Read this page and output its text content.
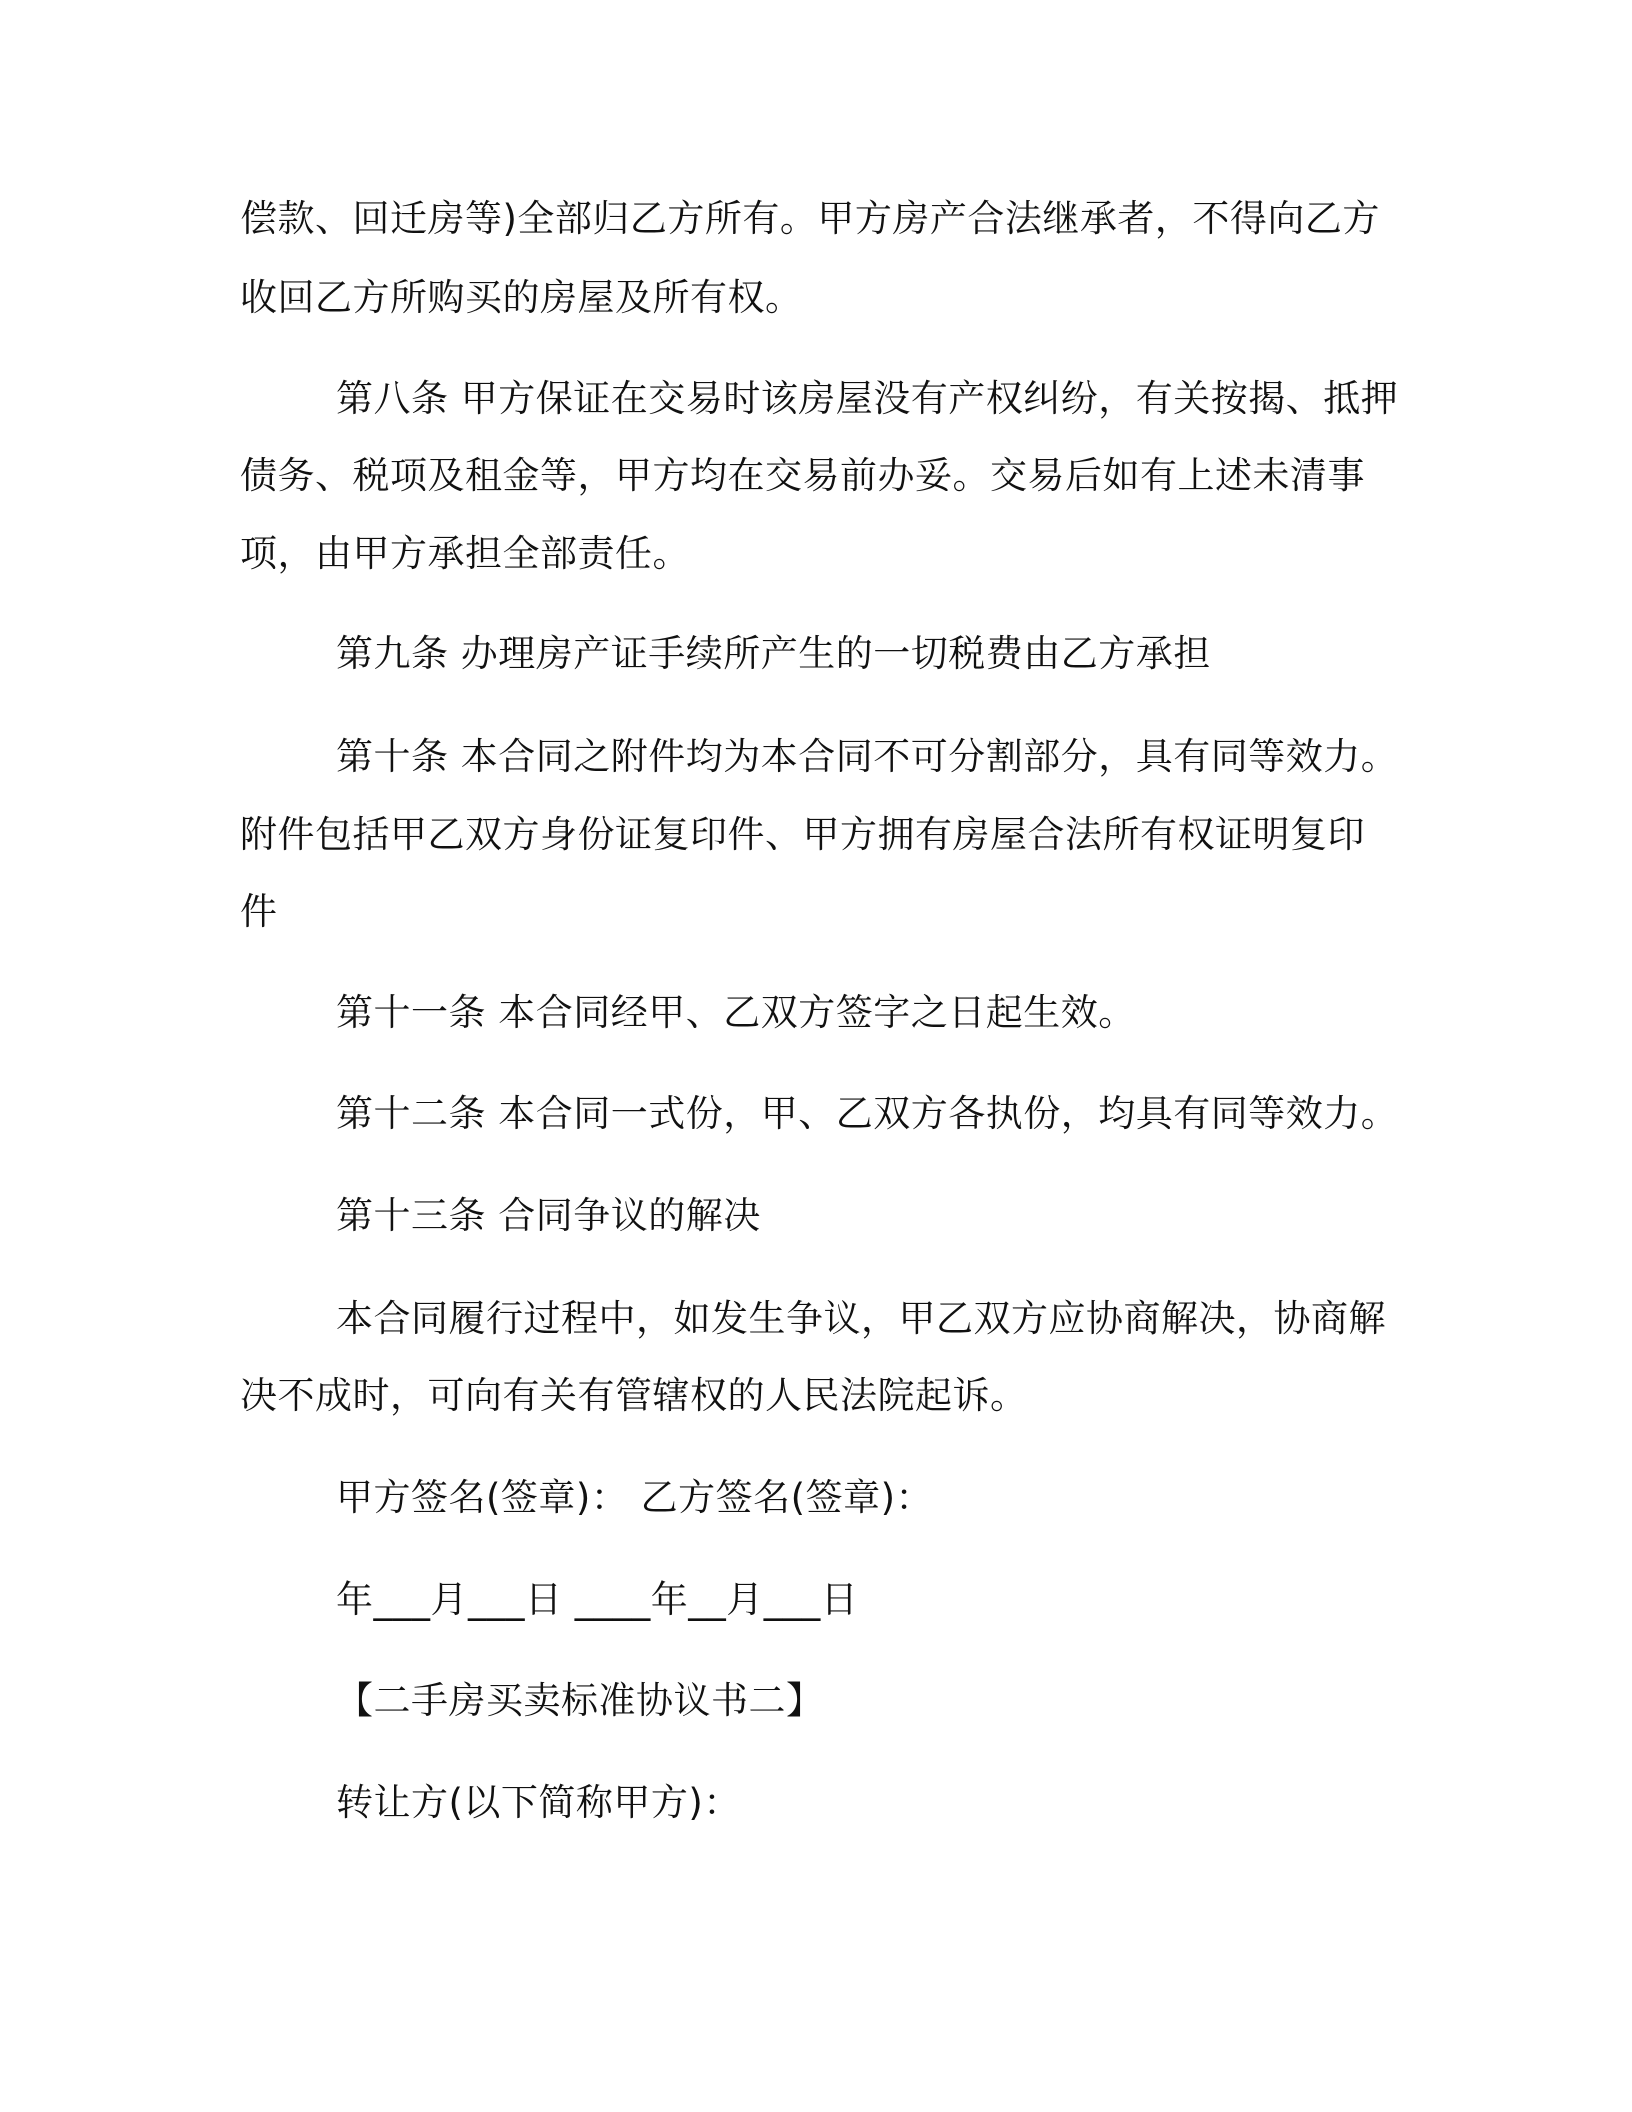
偿款、回迁房等)全部归乙方所有。甲方房产合法继承者，不得向乙方
收回乙方所购买的房屋及所有权。
第八条 甲方保证在交易时该房屋没有产权纠纷，有关按揭、抵押
债务、税项及租金等，甲方均在交易前办妥。交易后如有上述未清事
项，由甲方承担全部责任。
第九条 办理房产证手续所产生的一切税费由乙方承担
第十条 本合同之附件均为本合同不可分割部分，具有同等效力。
附件包括甲乙双方身份证复印件、甲方拥有房屋合法所有权证明复印
件
第十一条 本合同经甲、乙双方签字之日起生效。
第十二条 本合同一式份，甲、乙双方各执份，均具有同等效力。
第十三条 合同争议的解决
本合同履行过程中，如发生争议，甲乙双方应协商解决，协商解
决不成时，可向有关有管辖权的人民法院起诉。
甲方签名(签章)： 乙方签名(签章)：
年___月___日 ____年__月___日
【二手房买卖标准协议书二】
转让方(以下简称甲方)：
